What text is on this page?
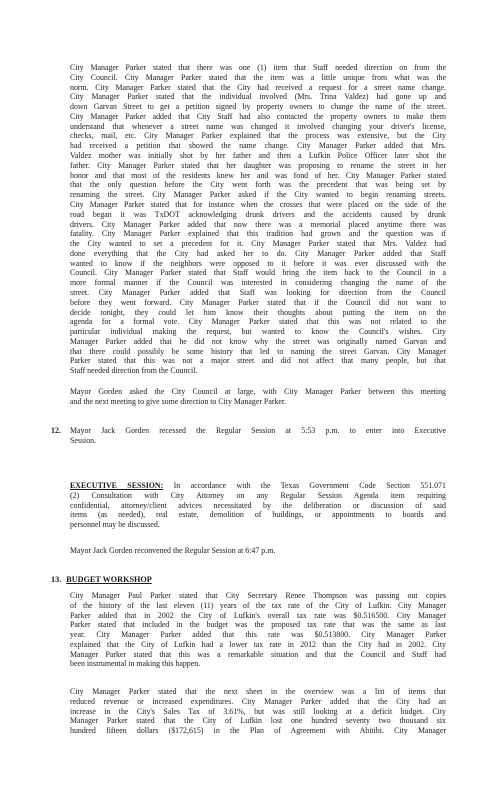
City Manager Parker stated that there was one (1) item that Staff needed direction on from the
City Council. City Manager Parker stated that the item was a little unique from what was the
norm. City Manager Parker stated that the City had received a request for a street name change.
City Manager Parker stated that the individual involved (Mrs. Trina Valdez) had gone up and
down Garvan Street to get a petition signed by property owners to change the name of the street.
City Manager Parker added that City Staff had also contacted the property owners to make them
understand that whenever a street name was changed it involved changing your driver's license,
checks, mail, etc. City Manager Parker explained that the process was extensive, but the City
had received a petition that showed the name change. City Manager Parker added that Mrs.
Valdez mother was initially shot by her father and then a Lufkin Police Officer later shot the
father. City Manager Parker stated that her daughter was proposing to rename the street in her
honor and that most of the residents knew her and was fond of her. City Manager Parker stated
that the only question before the City went forth was the precedent that was being set by
renaming the street. City Manager Parker asked if the City wanted to begin renaming streets.
City Manager Parker stated that for instance when the crosses that were placed on the side of the
road began it was TxDOT acknowledging drunk drivers and the accidents caused by drunk
drivers. City Manager Parker added that now there was a memorial placed anytime there was
fatality. City Manager Parker explained that this tradition had grown and the question was if
the City wanted to set a precedent for it. City Manager Parker stated that Mrs. Valdez had
done everything that the City had asked her to do. City Manager Parker added that Staff
wanted to know if the neighbors were opposed to it before it was ever discussed with the
Council. City Manager Parker stated that Staff would bring the item back to the Council in a
more formal manner if the Council was interested in considering changing the name of the
street. City Manager Parker added that Staff was looking for direction from the Council
before they went forward. City Manager Parker stated that if the Council did not want to
decide tonight, they could let him know their thoughts about putting the item on the
agenda for a formal vote. City Manager Parker stated that this was not related to the
particular individual making the request, but wanted to know the Council's wishes. City
Manager Parker added that he did not know why the street was originally named Garvan and
that there could possibly be some history that led to naming the street Garvan. City Manager
Parker stated that this was not a major street and did not affect that many people, but that
Staff needed direction from the Council.
Mayor Gorden asked the City Council at large, with City Manager Parker between this meeting
and the next meeting to give some direction to City Manager Parker.
12. Mayor Jack Gorden recessed the Regular Session at 5:53 p.m. to enter into Executive
Session.
EXECUTIVE SESSION: In accordance with the Texas Government Code Section 551.071
(2) Consultation with City Attorney on any Regular Session Agenda item requiring
confidential, attorney/client advices necessitated by the deliberation or discussion of said
items (as needed), real estate, demolition of buildings, or appointments to boards and
personnel may be discussed.
Mayor Jack Gorden reconvened the Regular Session at 6:47 p.m.
13. BUDGET WORKSHOP
City Manager Paul Parker stated that City Secretary Renee Thompson was passing out copies
of the history of the last eleven (11) years of the tax rate of the City of Lufkin. City Manager
Parker added that in 2002 the City of Lufkin's overall tax rate was $0.516500. City Manager
Parker stated that included in the budget was the proposed tax rate that was the same as last
year. City Manager Parker added that this rate was $0.513800. City Manager Parker
explained that the City of Lufkin had a lower tax rate in 2012 than the City had in 2002. City
Manager Parker stated that this was a remarkable situation and that the Council and Staff had
been instrumental in making this happen.
City Manager Parker stated that the next sheet in the overview was a list of items that
reduced revenue or increased expenditures. City Manager Parker added that the City had an
increase in the City's Sales Tax of 3.61%, but was still looking at a deficit budget. City
Manager Parker stated that the City of Lufkin lost one hundred seventy two thousand six
hundred fifteen dollars ($172,615) in the Plan of Agreement with Abitibi. City Manager
